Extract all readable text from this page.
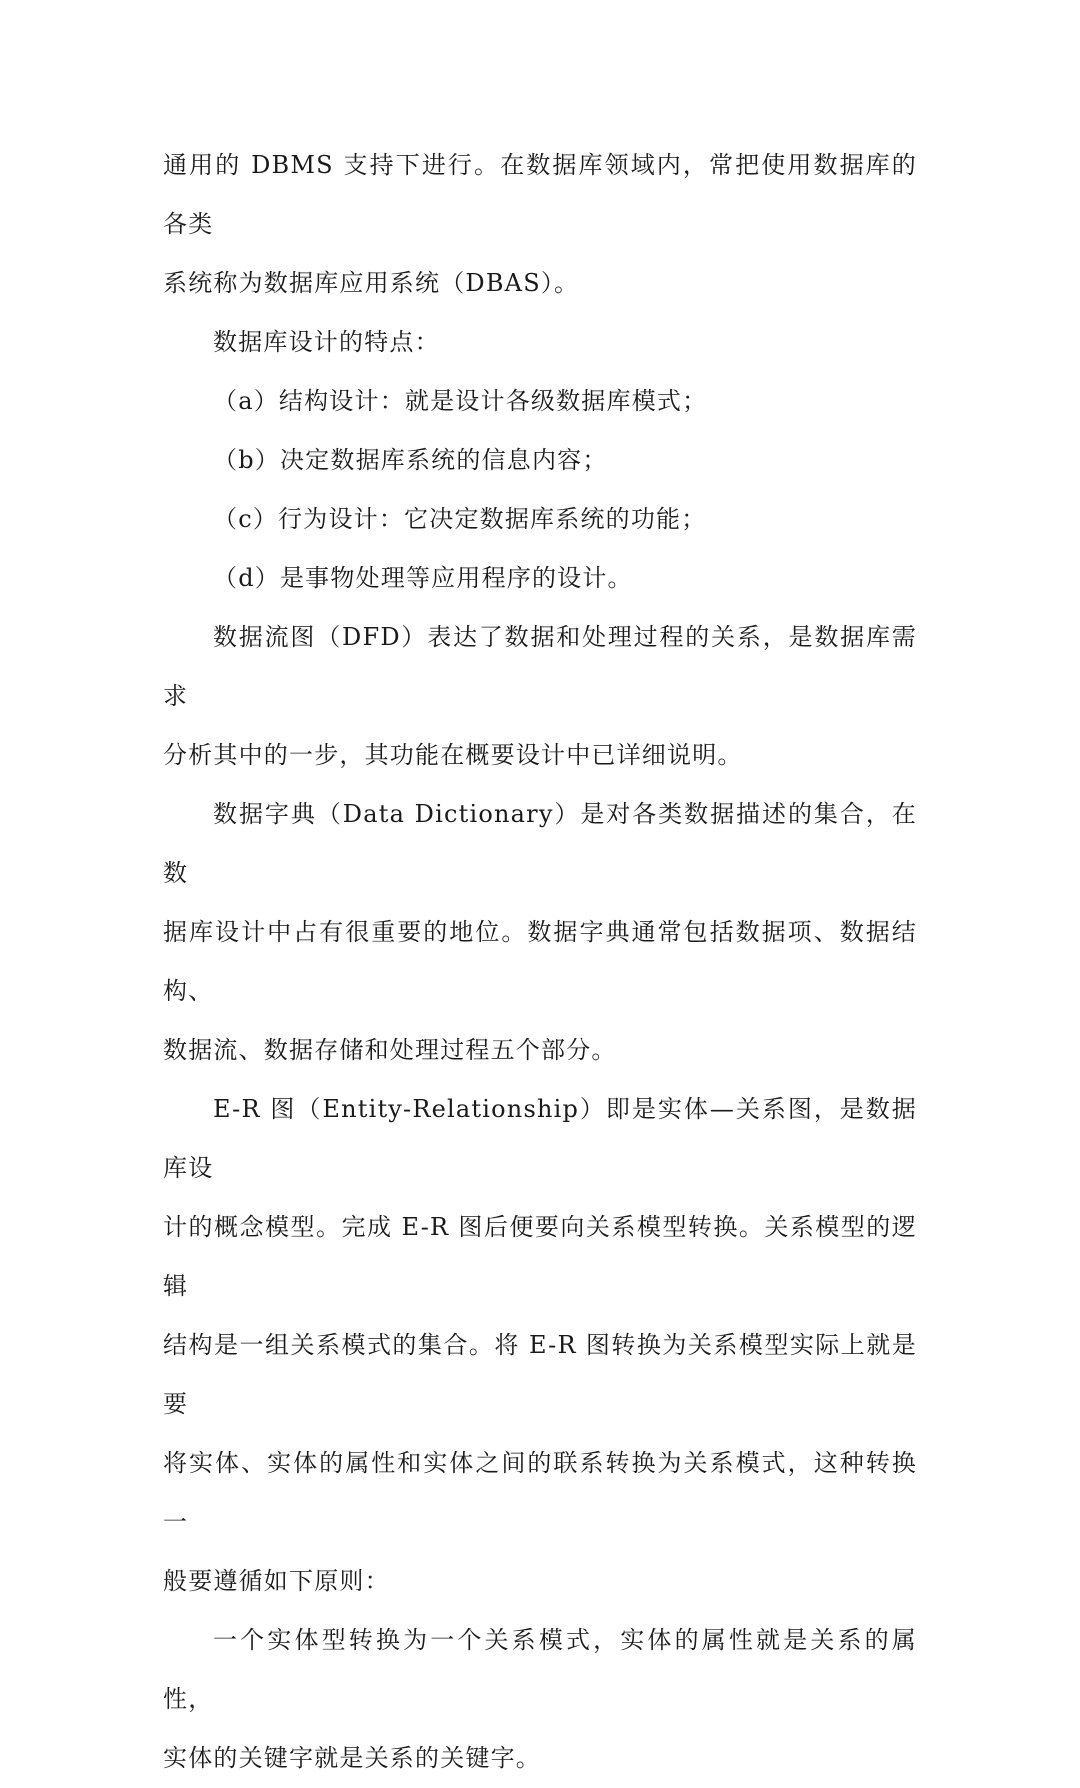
通用的 DBMS 支持下进行。在数据库领域内，常把使用数据库的各类
系统称为数据库应用系统（DBAS）。

数据库设计的特点：

（a）结构设计：就是设计各级数据库模式；

（b）决定数据库系统的信息内容；

（c）行为设计：它决定数据库系统的功能；

（d）是事物处理等应用程序的设计。

数据流图（DFD）表达了数据和处理过程的关系，是数据库需求
分析其中的一步，其功能在概要设计中已详细说明。

数据字典（Data Dictionary）是对各类数据描述的集合，在数
据库设计中占有很重要的地位。数据字典通常包括数据项、数据结构、
数据流、数据存储和处理过程五个部分。

E-R 图（Entity-Relationship）即是实体—关系图，是数据库设
计的概念模型。完成 E-R 图后便要向关系模型转换。关系模型的逻辑
结构是一组关系模式的集合。将 E-R 图转换为关系模型实际上就是要
将实体、实体的属性和实体之间的联系转换为关系模式，这种转换一
般要遵循如下原则：

一个实体型转换为一个关系模式，实体的属性就是关系的属性，
实体的关键字就是关系的关键字。
